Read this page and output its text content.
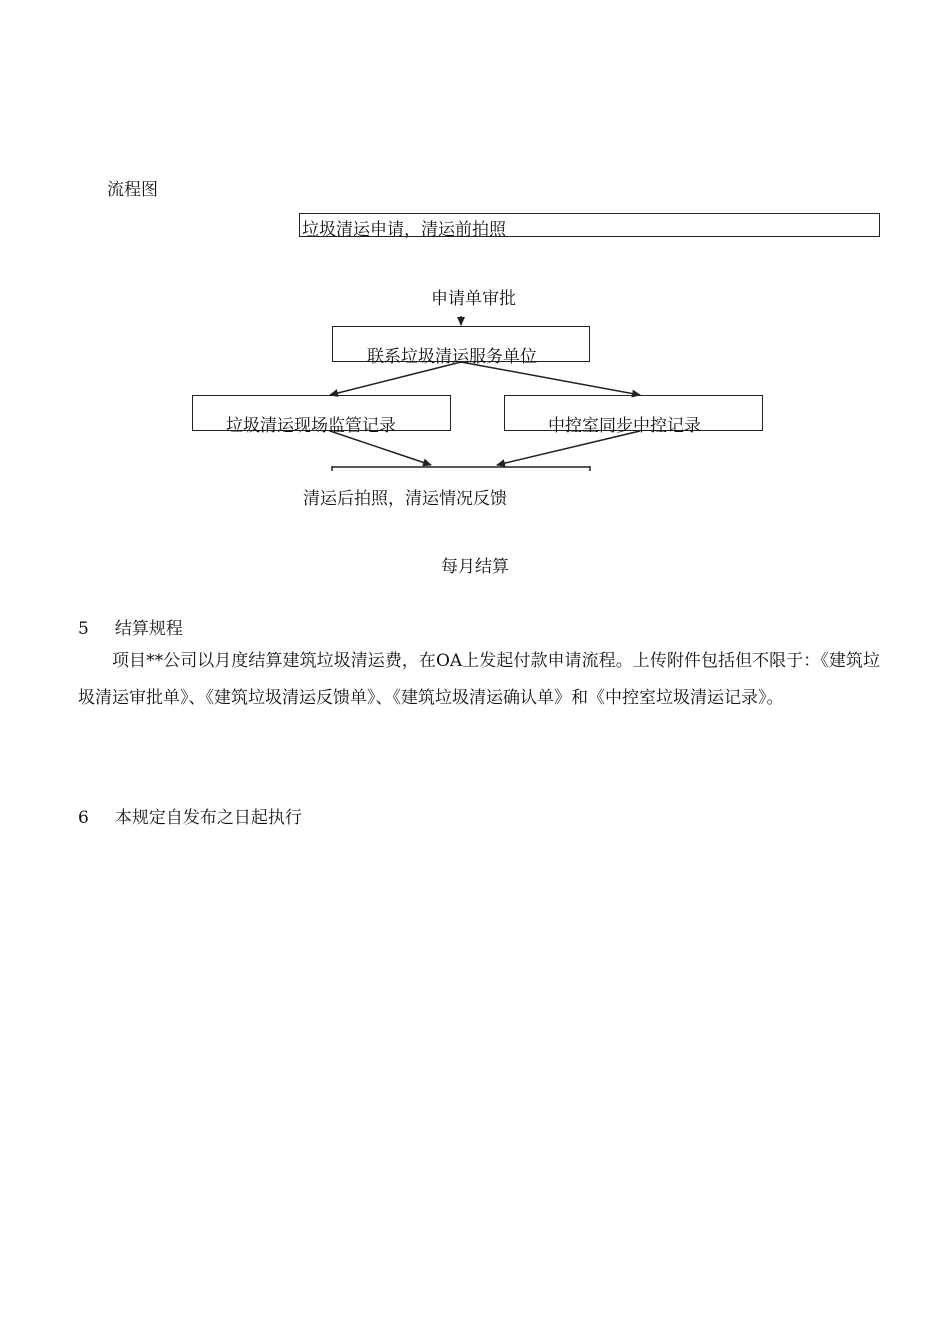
流程图
垃圾清运申请，清运前拍照
申请单审批
联系垃圾清运服务单位
垃圾清运现场监管记录	中控室同步中控记录
清运后拍照，清运情况反馈
每月结算
5 结算规程
项目**公司以月度结算建筑垃圾清运费，在OA上发起付款申请流程。上传附件包括但不限于：《建筑垃圾清运审批单》、《建筑垃圾清运反馈单》、《建筑垃圾清运确认单》和《中控室垃圾清运记录》。
6 本规定自发布之日起执行
